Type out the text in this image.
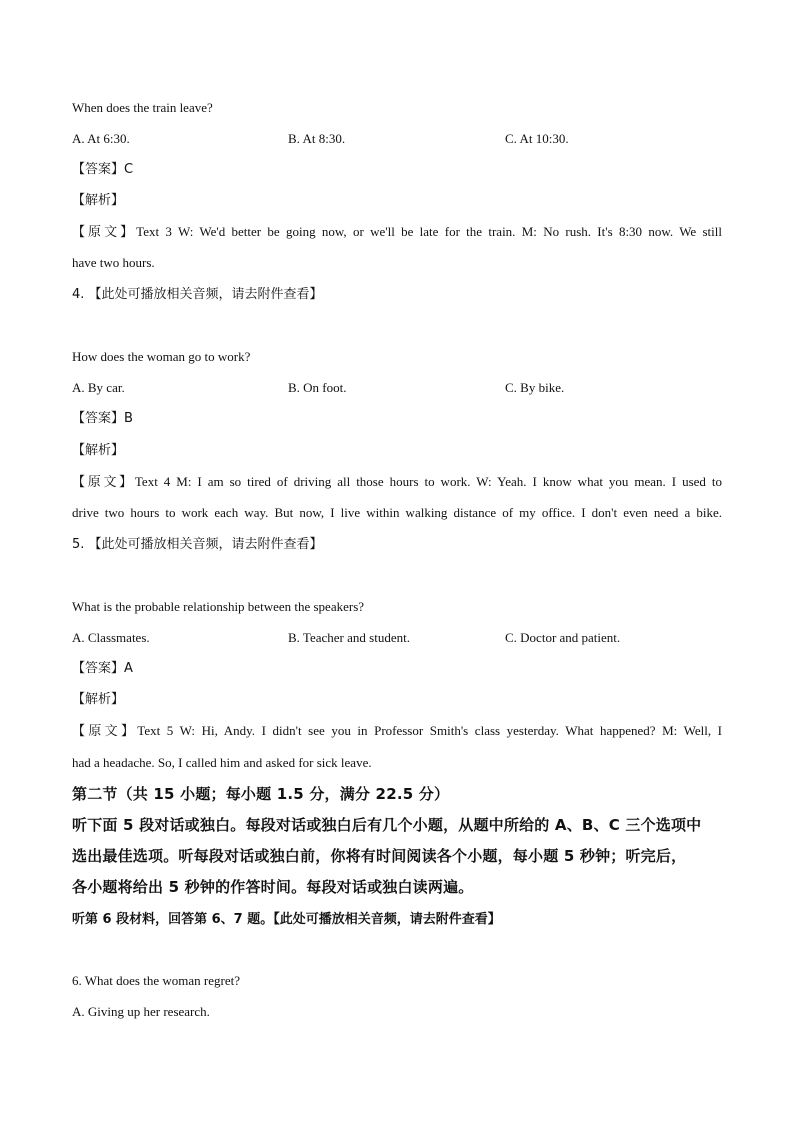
When does the train leave?
A. At 6:30.	B. At 8:30.	C. At 10:30.
【答案】C
【解析】
【原文】Text 3 W: We'd better be going now, or we'll be late for the train. M: No rush. It's 8:30 now. We still
have two hours.
4. 【此处可播放相关音频，请去附件查看】
How does the woman go to work?
A. By car.	B. On foot.	C. By bike.
【答案】B
【解析】
【原文】Text 4 M: I am so tired of driving all those hours to work. W: Yeah. I know what you mean. I used to
drive two hours to work each way. But now, I live within walking distance of my office. I don't even need a bike.
5. 【此处可播放相关音频，请去附件查看】
What is the probable relationship between the speakers?
A. Classmates.	B. Teacher and student.	C. Doctor and patient.
【答案】A
【解析】
【原文】Text 5 W: Hi, Andy. I didn't see you in Professor Smith's class yesterday. What happened? M: Well, I
had a headache. So, I called him and asked for sick leave.
第二节（共 15 小题；每小题 1.5 分，满分 22.5 分）
听下面 5 段对话或独白。每段对话或独白后有几个小题，从题中所给的 A、B、C 三个选项中
选出最佳选项。听每段对话或独白前，你将有时间阅读各个小题，每小题 5 秒钟；听完后，
各小题将给出 5 秒钟的作答时间。每段对话或独白读两遍。
听第 6 段材料，回答第 6、7 题。【此处可播放相关音频，请去附件查看】
6. What does the woman regret?
A. Giving up her research.
